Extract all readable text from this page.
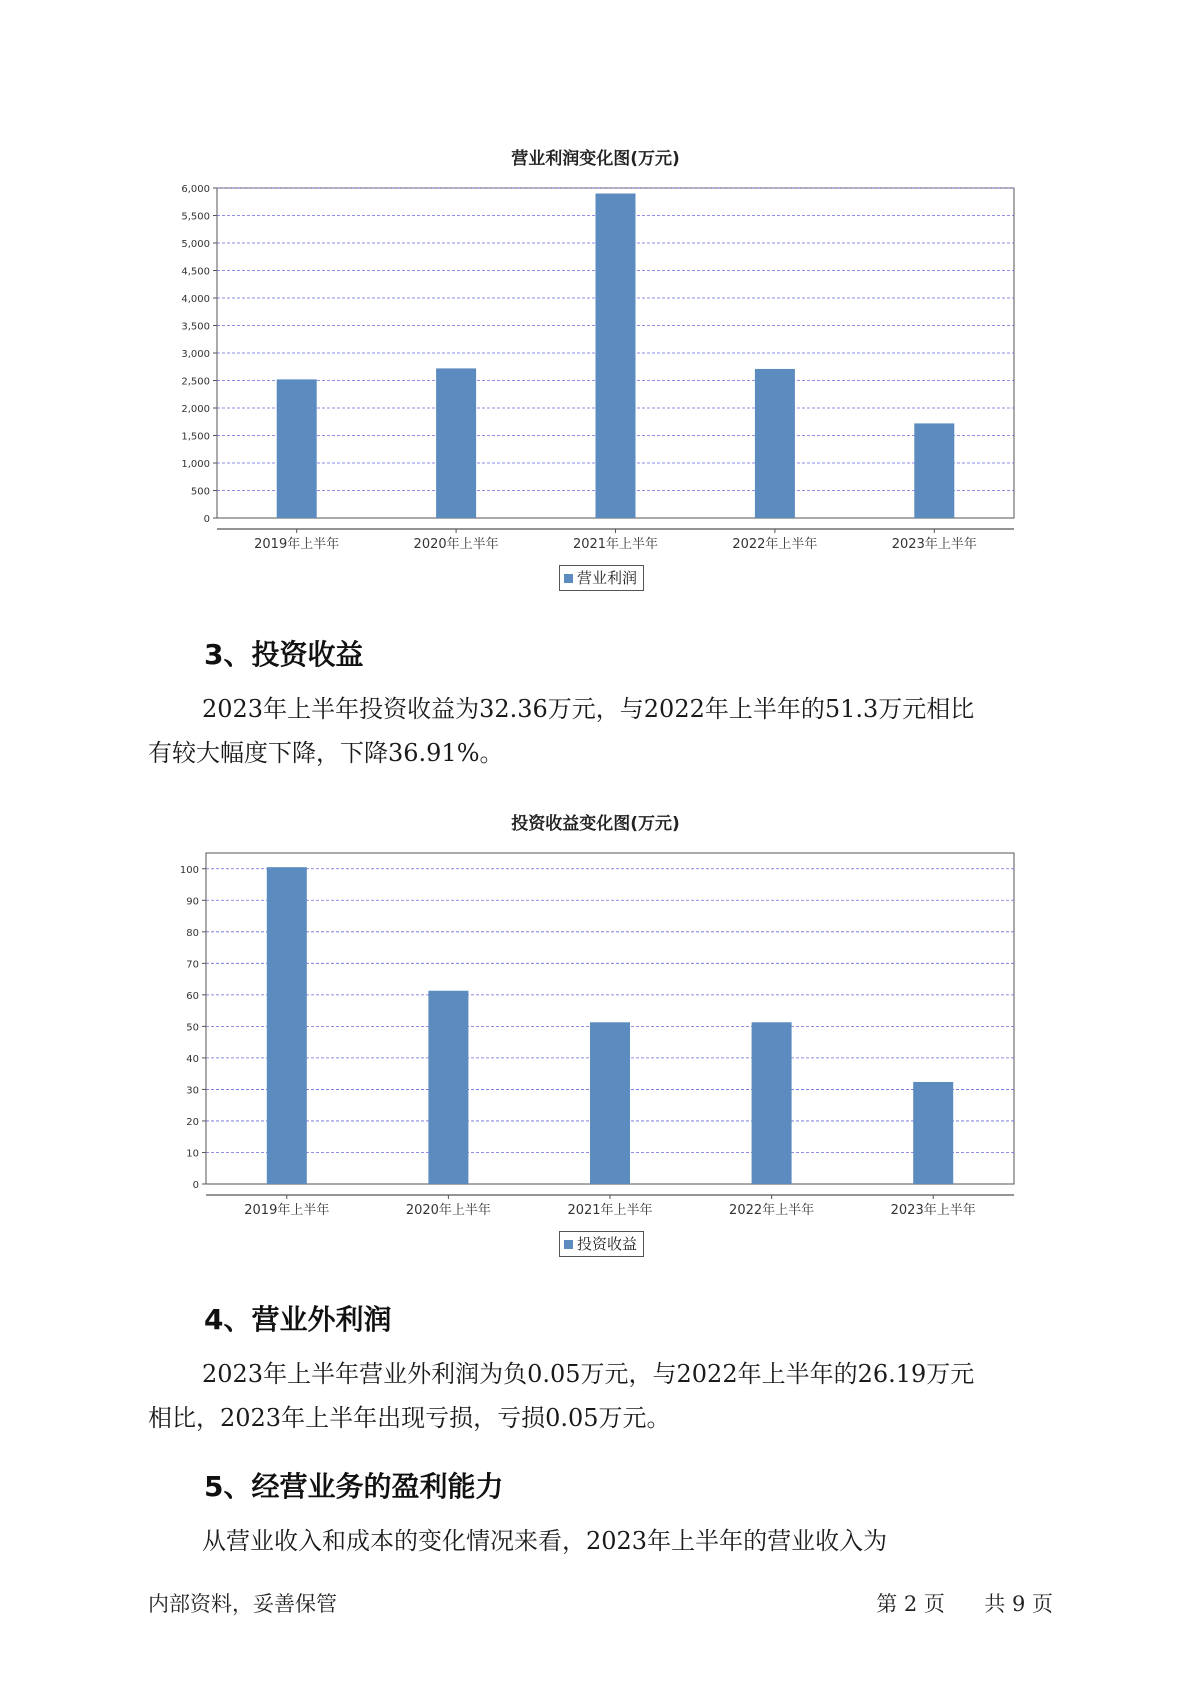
营业利润变化图(万元)
0
500
1,000
1,500
2,000
2,500
3,000
3,500
4,000
4,500
5,000
5,500
6,000
2019年上半年	2020年上半年	2021年上半年	2022年上半年	2023年上半年
营业利润
3、投资收益
2023年上半年投资收益为32.36万元，与2022年上半年的51.3万元相比
有较大幅度下降，下降36.91%。
投资收益变化图(万元)
0
10
20
30
40
50
60
70
80
90
100
2019年上半年	2020年上半年	2021年上半年	2022年上半年	2023年上半年
投资收益
4、营业外利润
2023年上半年营业外利润为负0.05万元，与2022年上半年的26.19万元
相比，2023年上半年出现亏损，亏损0.05万元。
5、经营业务的盈利能力
从营业收入和成本的变化情况来看，2023年上半年的营业收入为
内部资料，妥善保管	第 2 页 共 9 页
